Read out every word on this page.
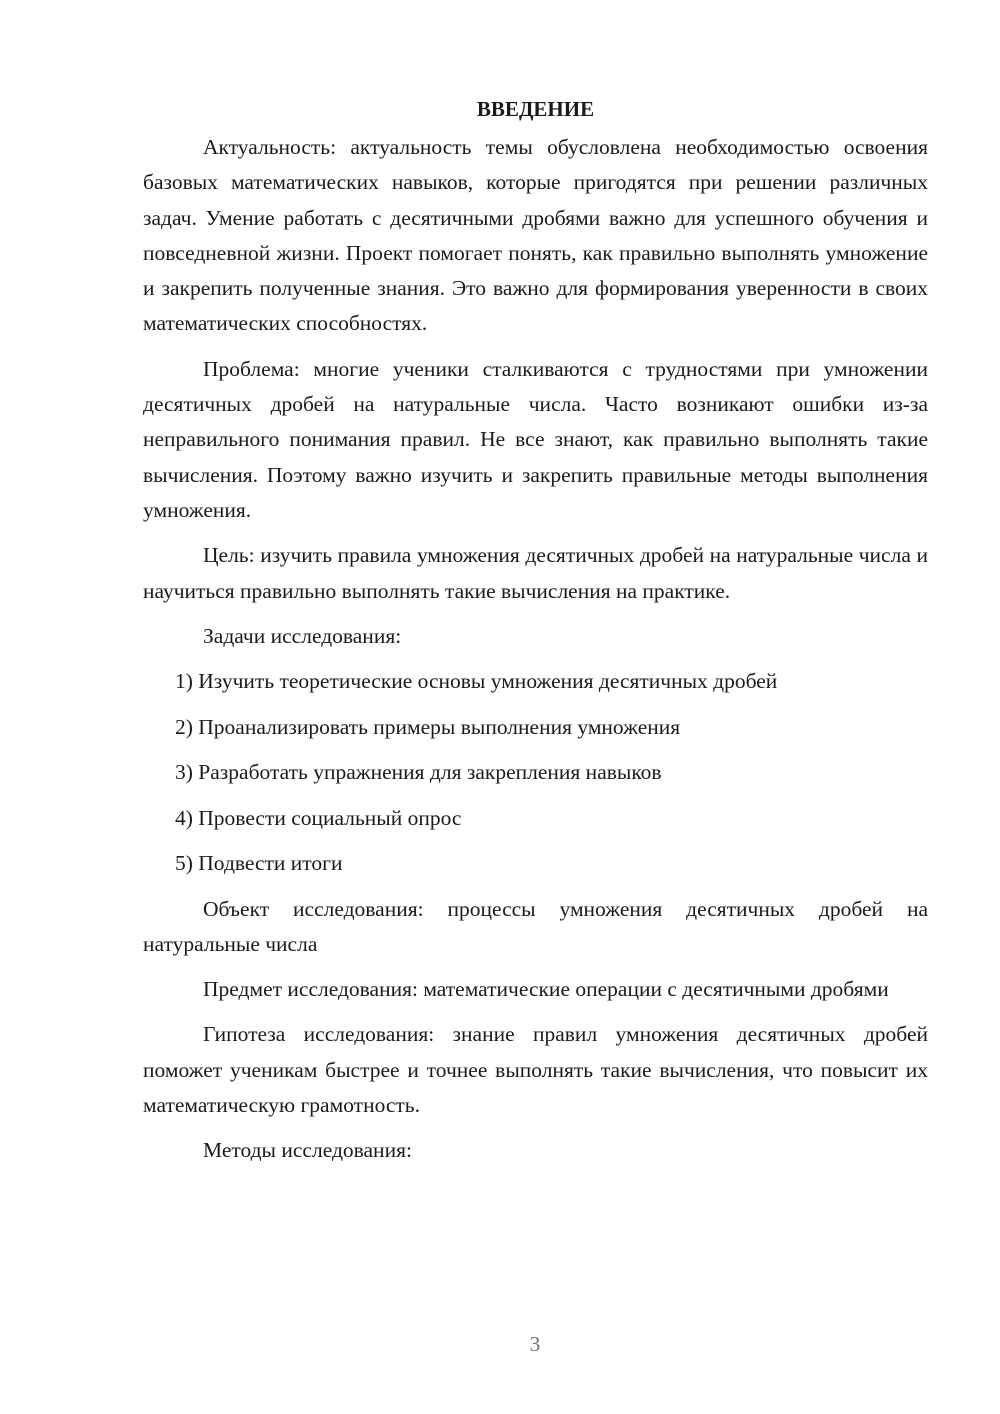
ВВЕДЕНИЕ

Актуальность: актуальность темы обусловлена необходимостью освоения базовых математических навыков, которые пригодятся при решении различных задач. Умение работать с десятичными дробями важно для успешного обучения и повседневной жизни. Проект помогает понять, как правильно выполнять умножение и закрепить полученные знания. Это важно для формирования уверенности в своих математических способностях.

Проблема: многие ученики сталкиваются с трудностями при умножении десятичных дробей на натуральные числа. Часто возникают ошибки из-за неправильного понимания правил. Не все знают, как правильно выполнять такие вычисления. Поэтому важно изучить и закрепить правильные методы выполнения умножения.

Цель: изучить правила умножения десятичных дробей на натуральные числа и научиться правильно выполнять такие вычисления на практике.

Задачи исследования:

1) Изучить теоретические основы умножения десятичных дробей
2) Проанализировать примеры выполнения умножения
3) Разработать упражнения для закрепления навыков
4) Провести социальный опрос
5) Подвести итоги

Объект исследования: процессы умножения десятичных дробей на натуральные числа

Предмет исследования: математические операции с десятичными дробями

Гипотеза исследования: знание правил умножения десятичных дробей поможет ученикам быстрее и точнее выполнять такие вычисления, что повысит их математическую грамотность.

Методы исследования:

3
